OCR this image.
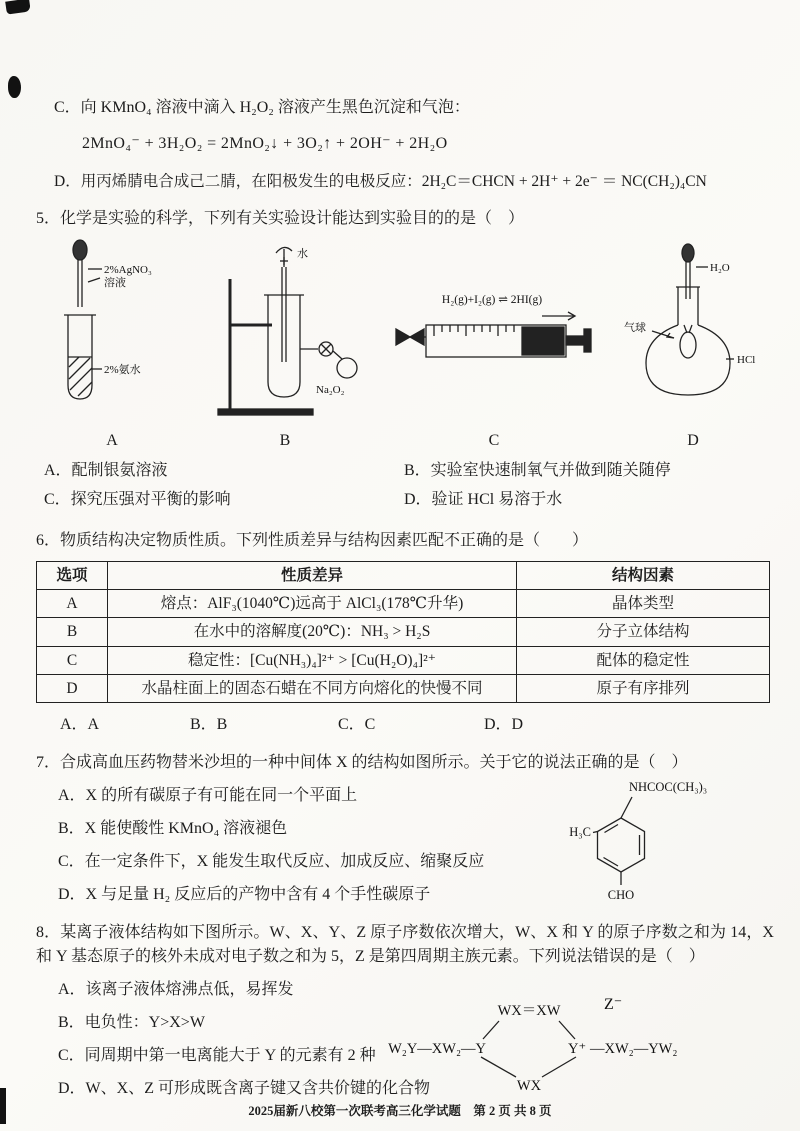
C．向 KMnO₄ 溶液中滴入 H₂O₂ 溶液产生黑色沉淀和气泡：

2MnO₄⁻ + 3H₂O₂ = 2MnO₂↓ + 3O₂↑ + 2OH⁻ + 2H₂O

D．用丙烯腈电合成己二腈，在阳极发生的电极反应：2H₂C＝CHCN + 2H⁺ + 2e⁻ ＝ NC(CH₂)₄CN

5．化学是实验的科学，下列有关实验设计能达到实验目的的是（　）

2%AgNO₃
溶液
2%氨水
A
水
Na₂O₂
B
H₂(g)+I₂(g) ⇌ 2HI(g)
C
H₂O
气球
HCl
D
A．配制银氨溶液	B．实验室快速制氧气并做到随关随停
C．探究压强对平衡的影响	D．验证 HCl 易溶于水

6．物质结构决定物质性质。下列性质差异与结构因素匹配不正确的是（　　）

选项	性质差异	结构因素
A	熔点：AlF₃(1040℃)远高于 AlCl₃(178℃升华)	晶体类型
B	在水中的溶解度(20℃)：NH₃ > H₂S	分子立体结构
C	稳定性：[Cu(NH₃)₄]²⁺ > [Cu(H₂O)₄]²⁺	配体的稳定性
D	水晶柱面上的固态石蜡在不同方向熔化的快慢不同	原子有序排列
A．A	B．B	C．C	D．D

7．合成高血压药物替米沙坦的一种中间体 X 的结构如图所示。关于它的说法正确的是（　）

A．X 的所有碳原子有可能在同一个平面上

B．X 能使酸性 KMnO₄ 溶液褪色

C．在一定条件下，X 能发生取代反应、加成反应、缩聚反应

D．X 与足量 H₂ 反应后的产物中含有 4 个手性碳原子

NHCOC(CH₃)₃
H₃C
CHO

8．某离子液体结构如下图所示。W、X、Y、Z 原子序数依次增大，W、X 和 Y 的原子序数之和为 14，X 和 Y 基态原子的核外未成对电子数之和为 5，Z 是第四周期主族元素。下列说法错误的是（　）

A．该离子液体熔沸点低，易挥发

B．电负性：Y>X>W

C．同周期中第一电离能大于 Y 的元素有 2 种

D．W、X、Z 可形成既含离子键又含共价键的化合物

WX＝XW	Z⁻
W₂Y—XW₂—Y	Y⁺ —XW₂—YW₂
WX
2025届新八校第一次联考高三化学试题　第 2 页 共 8 页
